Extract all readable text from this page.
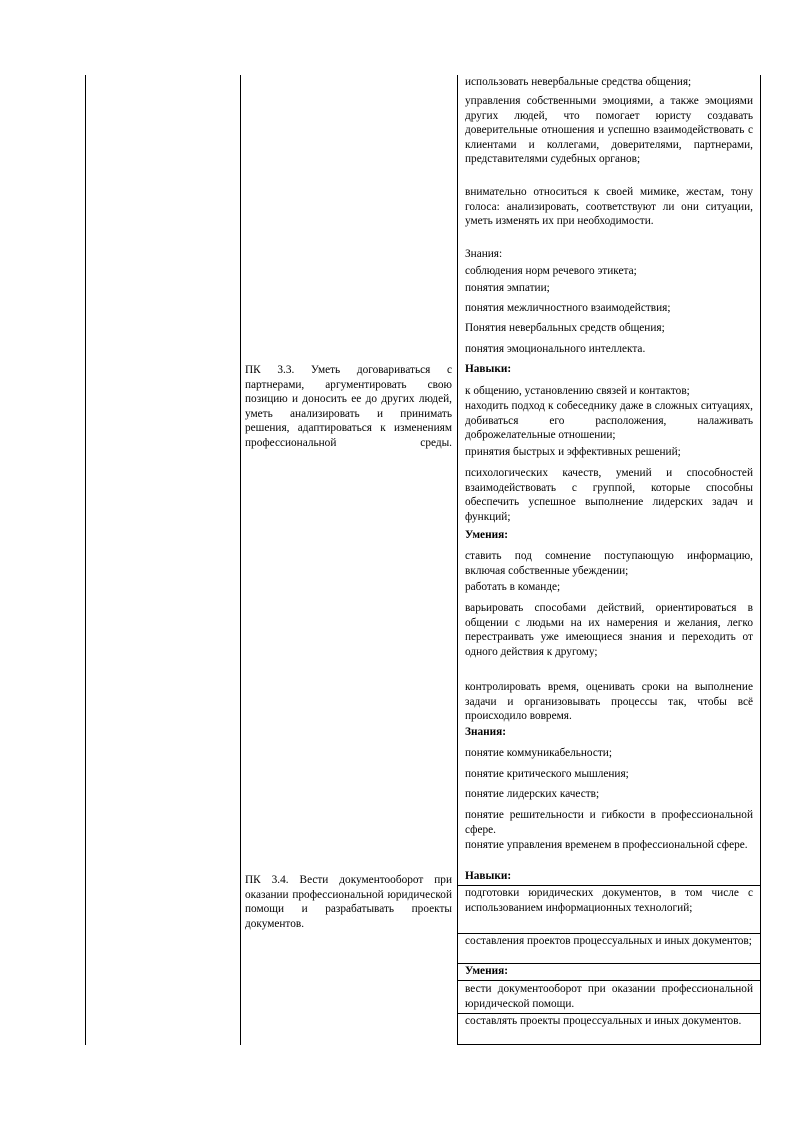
ПК 3.3. Уметь договариваться с партнерами, аргументировать свою позицию и доносить ее до других людей, уметь анализировать и принимать решения, адаптироваться к изменениям профессиональной среды.
ПК 3.4. Вести документооборот при оказании профессиональной юридической помощи и разрабатывать проекты документов.
использовать невербальные средства общения;
управления собственными эмоциями, а также эмоциями других людей, что помогает юристу создавать доверительные отношения и успешно взаимодействовать с клиентами и коллегами, доверителями, партнерами, представителями судебных органов;
внимательно относиться к своей мимике, жестам, тону голоса: анализировать, соответствуют ли они ситуации, уметь изменять их при необходимости.
Знания:
соблюдения норм речевого этикета;
понятия эмпатии;
понятия межличностного взаимодействия;
Понятия невербальных средств общения;
понятия эмоционального интеллекта.
Навыки:
к общению, установлению связей и контактов;
находить подход к собеседнику даже в сложных ситуациях, добиваться его расположения, налаживать доброжелательные отношении;
принятия быстрых и эффективных решений;
психологических качеств, умений и способностей взаимодействовать с группой, которые способны обеспечить успешное выполнение лидерских задач и функций;
Умения:
ставить под сомнение поступающую информацию, включая собственные убеждении;
работать в команде;
варьировать способами действий, ориентироваться в общении с людьми на их намерения и желания, легко перестраивать уже имеющиеся знания и переходить от одного действия к другому;
контролировать время, оценивать сроки на выполнение задачи и организовывать процессы так, чтобы всё происходило вовремя.
Знания:
понятие коммуникабельности;
понятие критического мышления;
понятие лидерских качеств;
понятие решительности и гибкости в профессиональной сфере.
понятие управления временем в профессиональной сфере.
Навыки:
подготовки юридических документов, в том числе с использованием информационных технологий;
составления проектов процессуальных и иных документов;
Умения:
вести документооборот при оказании профессиональной юридической помощи.
составлять проекты процессуальных и иных документов.
